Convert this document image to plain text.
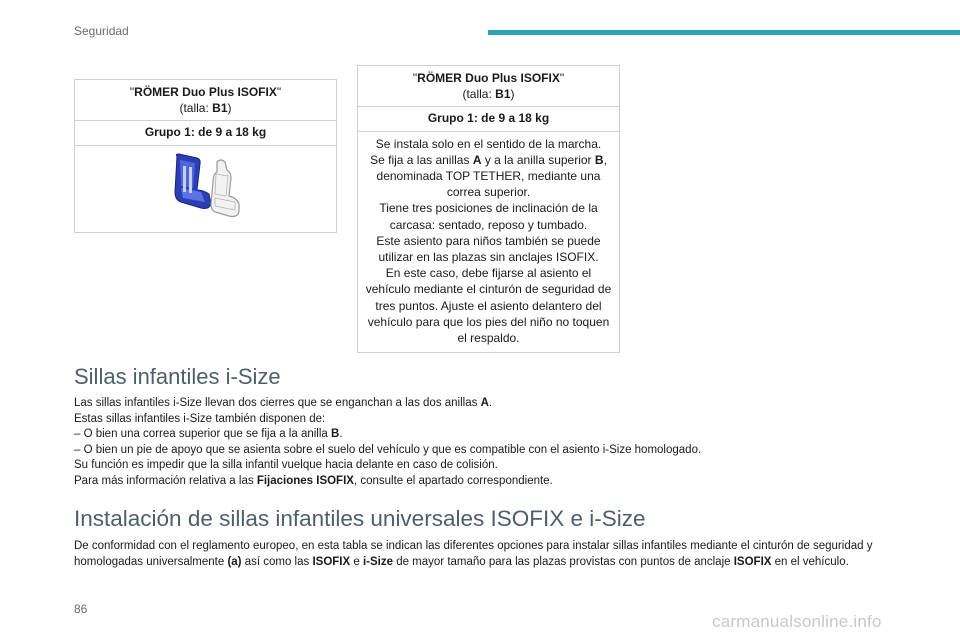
Seguridad
"RÖMER Duo Plus ISOFIX"
(talla: B1)
Grupo 1: de 9 a 18 kg

"RÖMER Duo Plus ISOFIX"
(talla: B1)
Grupo 1: de 9 a 18 kg
Se instala solo en el sentido de la marcha.
Se fija a las anillas A y a la anilla superior B, denominada TOP TETHER, mediante una correa superior.
Tiene tres posiciones de inclinación de la carcasa: sentado, reposo y tumbado.
Este asiento para niños también se puede utilizar en las plazas sin anclajes ISOFIX.
En este caso, debe fijarse al asiento el vehículo mediante el cinturón de seguridad de tres puntos. Ajuste el asiento delantero del vehículo para que los pies del niño no toquen el respaldo.
Sillas infantiles i-Size

Las sillas infantiles i-Size llevan dos cierres que se enganchan a las dos anillas A.

Estas sillas infantiles i-Size también disponen de:

– O bien una correa superior que se fija a la anilla B.

– O bien un pie de apoyo que se asienta sobre el suelo del vehículo y que es compatible con el asiento i-Size homologado.

Su función es impedir que la silla infantil vuelque hacia delante en caso de colisión.

Para más información relativa a las Fijaciones ISOFIX, consulte el apartado correspondiente.

Instalación de sillas infantiles universales ISOFIX e i-Size

De conformidad con el reglamento europeo, en esta tabla se indican las diferentes opciones para instalar sillas infantiles mediante el cinturón de seguridad y homologadas universalmente (a) así como las ISOFIX e i-Size de mayor tamaño para las plazas provistas con puntos de anclaje ISOFIX en el vehículo.

86
carmanualsonline.info
